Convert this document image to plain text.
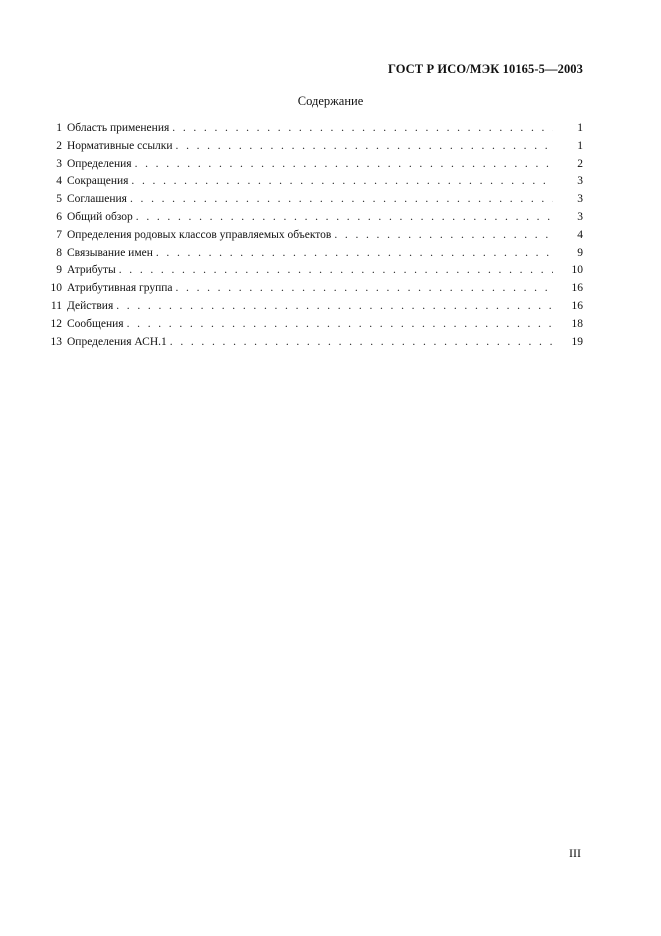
ГОСТ Р ИСО/МЭК 10165-5—2003
Содержание
1 Область применения . . .	1
2 Нормативные ссылки . . .	1
3 Определения . . .	2
4 Сокращения . . .	3
5 Соглашения . . .	3
6 Общий обзор . . .	3
7 Определения родовых классов управляемых объектов . . .	4
8 Связывание имен . . .	9
9 Атрибуты . . .	10
10 Атрибутивная группа . . .	16
11 Действия . . .	16
12 Сообщения . . .	18
13 Определения АСН.1 . . .	19
III
